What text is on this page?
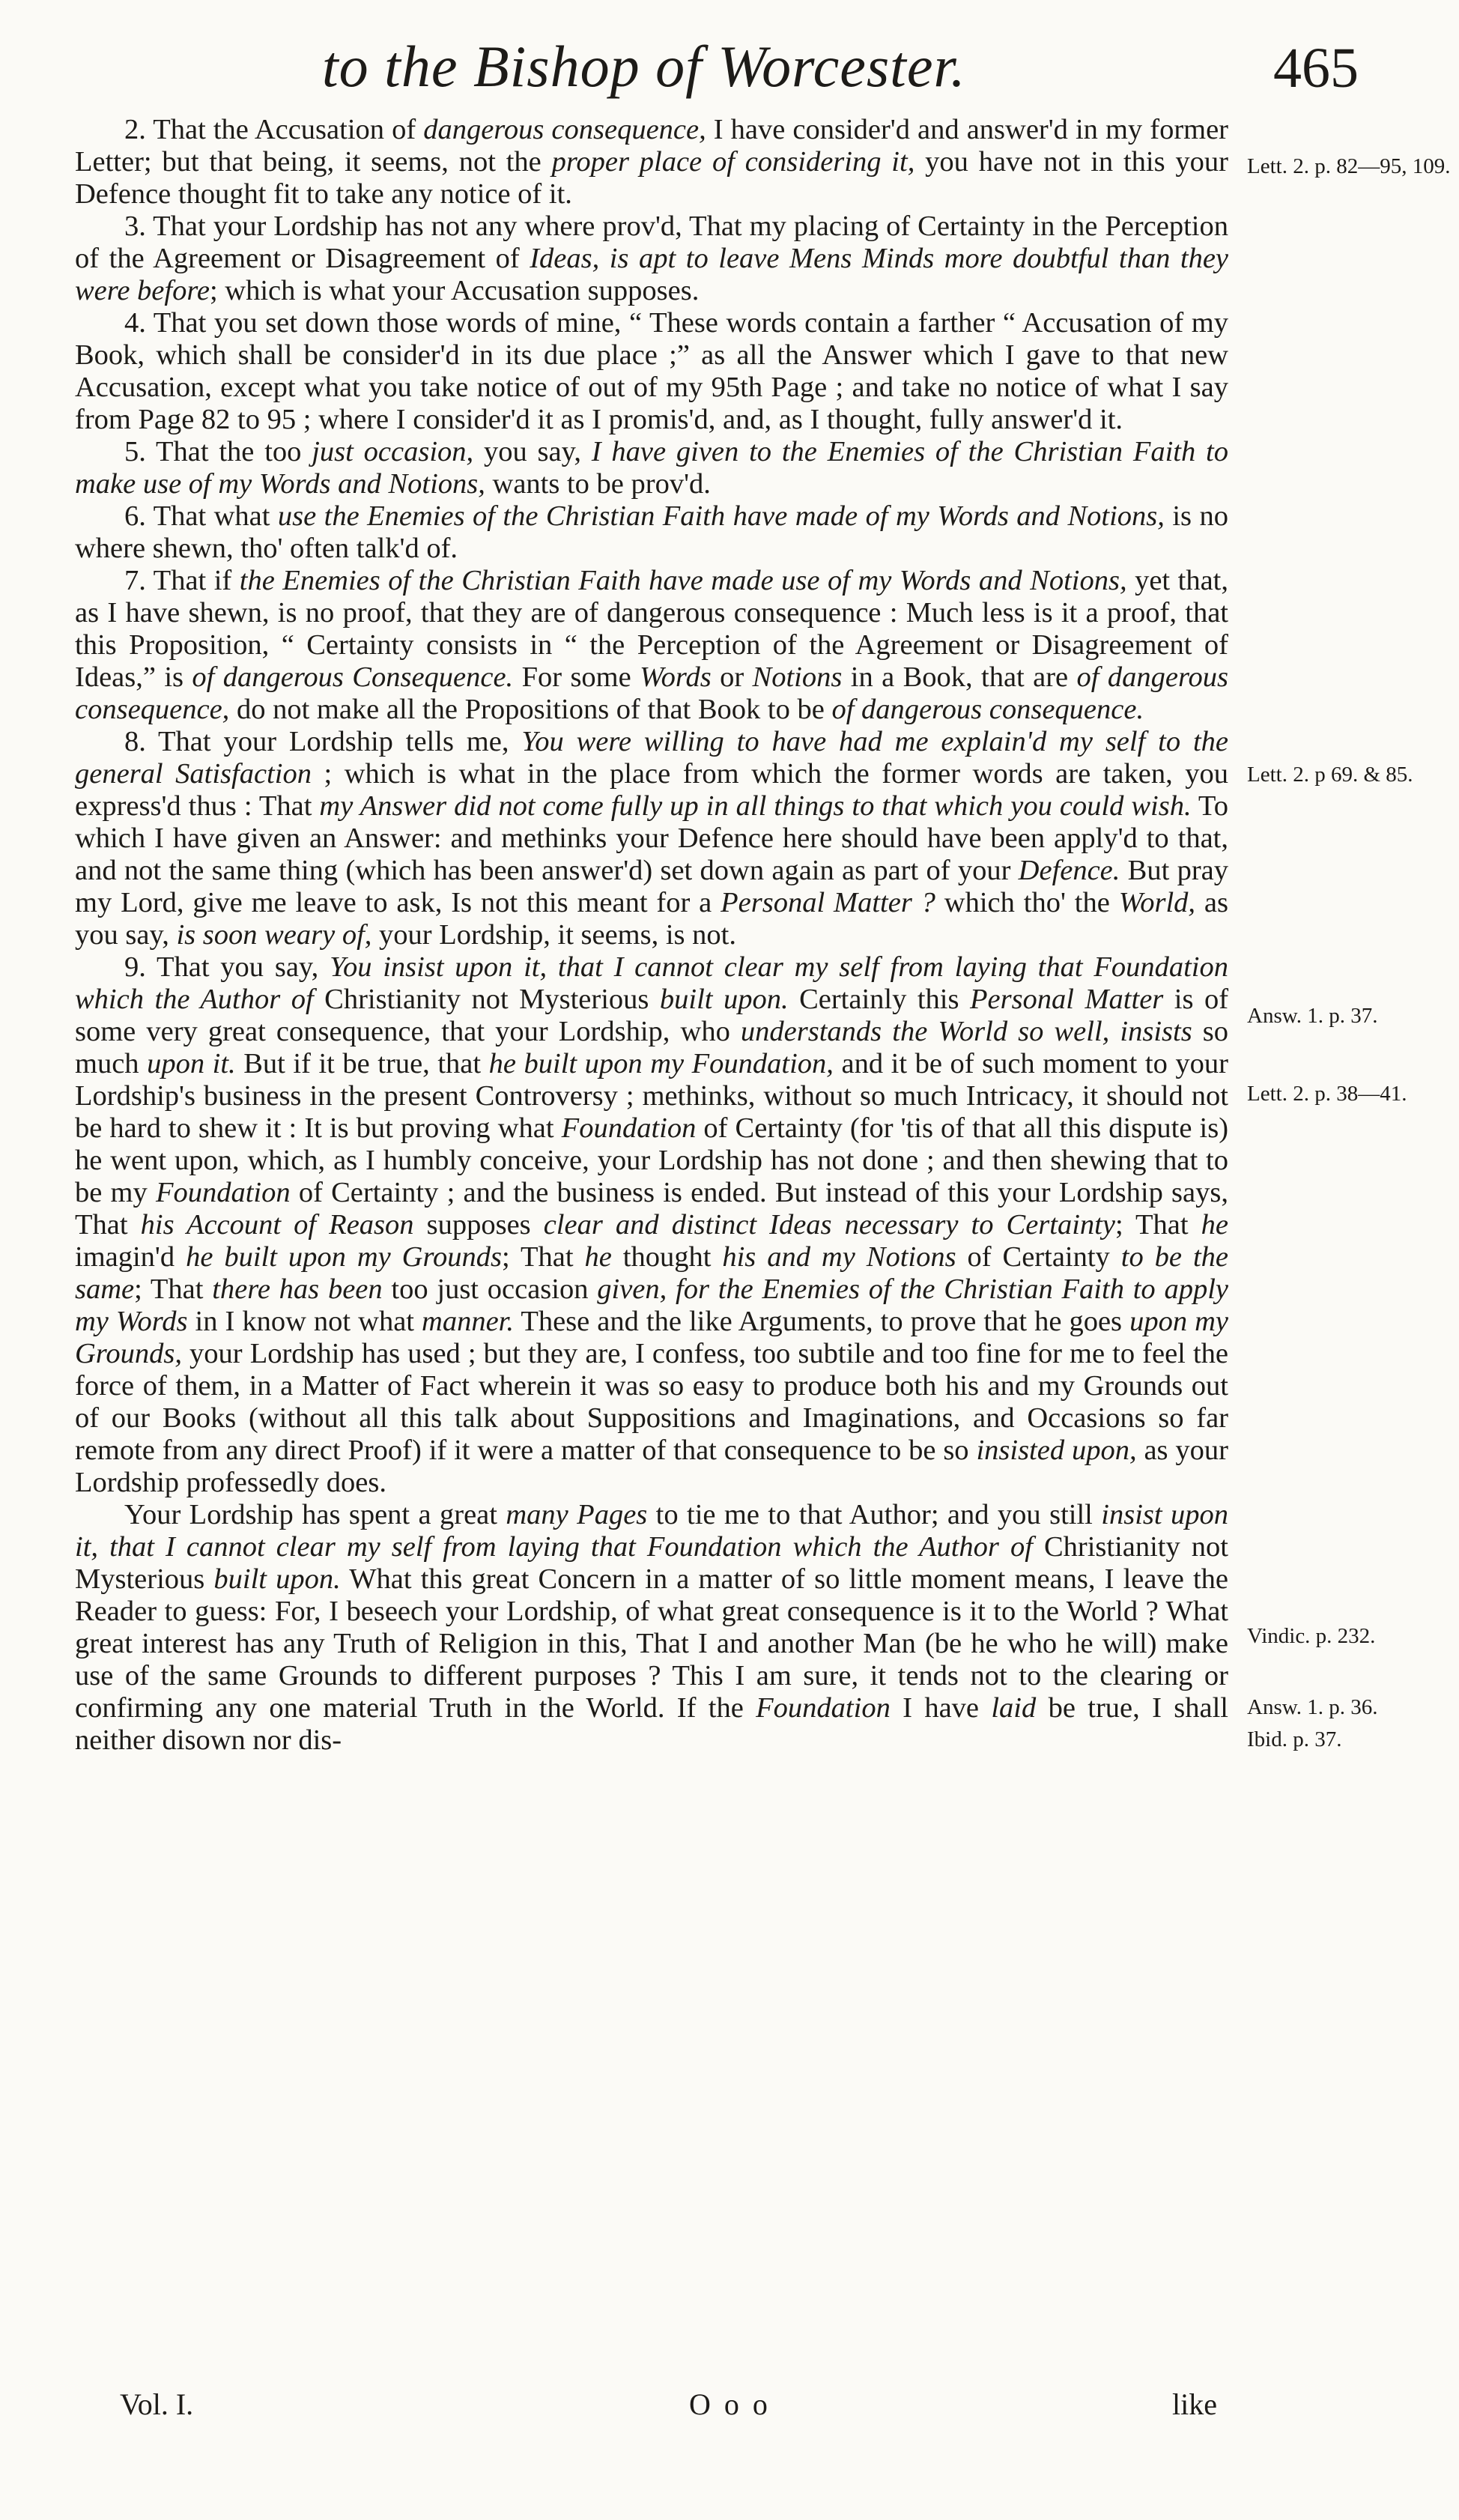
to the Bishop of Worcester.	465

2. That the Accusation of dangerous consequence, I have consider'd and answer'd in my former Letter; but that being, it seems, not the proper place of considering it, you have not in this your Defence thought fit to take any notice of it.

3. That your Lordship has not any where prov'd, That my placing of Certainty in the Perception of the Agreement or Disagreement of Ideas, is apt to leave Mens Minds more doubtful than they were before; which is what your Accusation supposes.

4. That you set down those words of mine, “ These words contain a farther “ Accusation of my Book, which shall be consider'd in its due place ;” as all the Answer which I gave to that new Accusation, except what you take notice of out of my 95th Page ; and take no notice of what I say from Page 82 to 95 ; where I consider'd it as I promis'd, and, as I thought, fully answer'd it.

5. That the too just occasion, you say, I have given to the Enemies of the Christian Faith to make use of my Words and Notions, wants to be prov'd.

6. That what use the Enemies of the Christian Faith have made of my Words and Notions, is no where shewn, tho' often talk'd of.

7. That if the Enemies of the Christian Faith have made use of my Words and Notions, yet that, as I have shewn, is no proof, that they are of dangerous consequence : Much less is it a proof, that this Proposition, “ Certainty consists in “ the Perception of the Agreement or Disagreement of Ideas,” is of dangerous Consequence. For some Words or Notions in a Book, that are of dangerous consequence, do not make all the Propositions of that Book to be of dangerous consequence.

8. That your Lordship tells me, You were willing to have had me explain'd my self to the general Satisfaction ; which is what in the place from which the former words are taken, you express'd thus : That my Answer did not come fully up in all things to that which you could wish. To which I have given an Answer: and methinks your Defence here should have been apply'd to that, and not the same thing (which has been answer'd) set down again as part of your Defence. But pray my Lord, give me leave to ask, Is not this meant for a Personal Matter ? which tho' the World, as you say, is soon weary of, your Lordship, it seems, is not.

9. That you say, You insist upon it, that I cannot clear my self from laying that Foundation which the Author of Christianity not Mysterious built upon. Certainly this Personal Matter is of some very great consequence, that your Lordship, who understands the World so well, insists so much upon it. But if it be true, that he built upon my Foundation, and it be of such moment to your Lordship's business in the present Controversy ; methinks, without so much Intricacy, it should not be hard to shew it : It is but proving what Foundation of Certainty (for 'tis of that all this dispute is) he went upon, which, as I humbly conceive, your Lordship has not done ; and then shewing that to be my Foundation of Certainty ; and the business is ended. But instead of this your Lordship says, That his Account of Reason supposes clear and distinct Ideas necessary to Certainty; That he imagin'd he built upon my Grounds; That he thought his and my Notions of Certainty to be the same; That there has been too just occasion given, for the Enemies of the Christian Faith to apply my Words in I know not what manner. These and the like Arguments, to prove that he goes upon my Grounds, your Lordship has used ; but they are, I confess, too subtile and too fine for me to feel the force of them, in a Matter of Fact wherein it was so easy to produce both his and my Grounds out of our Books (without all this talk about Suppositions and Imaginations, and Occasions so far remote from any direct Proof) if it were a matter of that consequence to be so insisted upon, as your Lordship professedly does.

Your Lordship has spent a great many Pages to tie me to that Author; and you still insist upon it, that I cannot clear my self from laying that Foundation which the Author of Christianity not Mysterious built upon. What this great Concern in a matter of so little moment means, I leave the Reader to guess: For, I beseech your Lordship, of what great consequence is it to the World ? What great interest has any Truth of Religion in this, That I and another Man (be he who he will) make use of the same Grounds to different purposes ? This I am sure, it tends not to the clearing or confirming any one material Truth in the World. If the Foundation I have laid be true, I shall neither disown nor dis-

Lett. 2. p. 82—95, 109.
Lett. 2. p 69. & 85.
Answ. 1. p. 37.
Lett. 2. p. 38—41.
Vindic. p. 232.
Answ. 1. p. 36.
Ibid. p. 37.
Vol. I.	O o o	like
